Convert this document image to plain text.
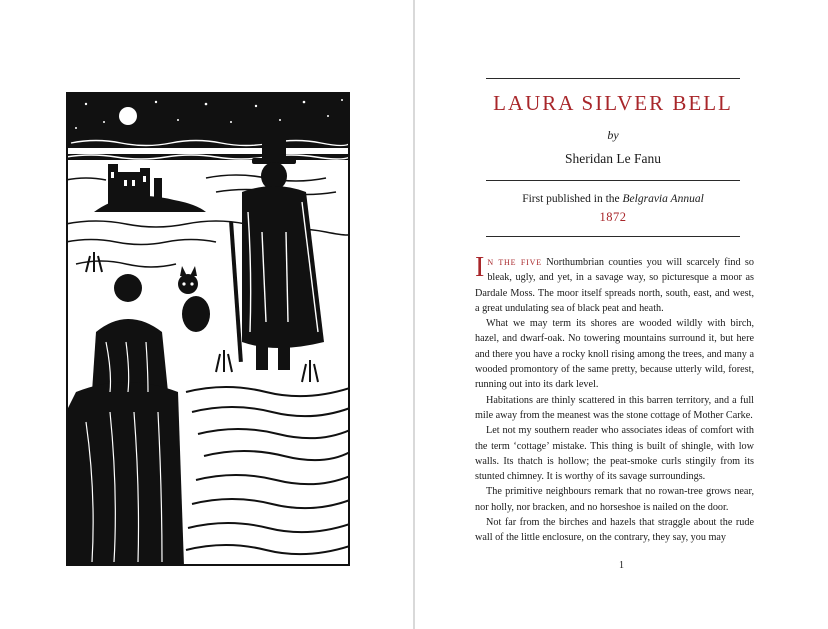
LAURA SILVER BELL
by
Sheridan Le Fanu
First published in the Belgravia Annual
1872

IN THE FIVE Northumbrian counties you will scarcely find so bleak, ugly, and yet, in a savage way, so picturesque a moor as Dardale Moss. The moor itself spreads north, south, east, and west, a great undulating sea of black peat and heath.

What we may term its shores are wooded wildly with birch, hazel, and dwarf-oak. No towering mountains surround it, but here and there you have a rocky knoll rising among the trees, and many a wooded promontory of the same pretty, because utterly wild, forest, running out into its dark level.

Habitations are thinly scattered in this barren territory, and a full mile away from the meanest was the stone cottage of Mother Carke.

Let not my southern reader who associates ideas of comfort with the term ‘cottage’ mistake. This thing is built of shingle, with low walls. Its thatch is hollow; the peat-smoke curls stingily from its stunted chimney. It is worthy of its savage surroundings.

The primitive neighbours remark that no rowan-tree grows near, nor holly, nor bracken, and no horseshoe is nailed on the door.

Not far from the birches and hazels that straggle about the rude wall of the little enclosure, on the contrary, they say, you may

1
